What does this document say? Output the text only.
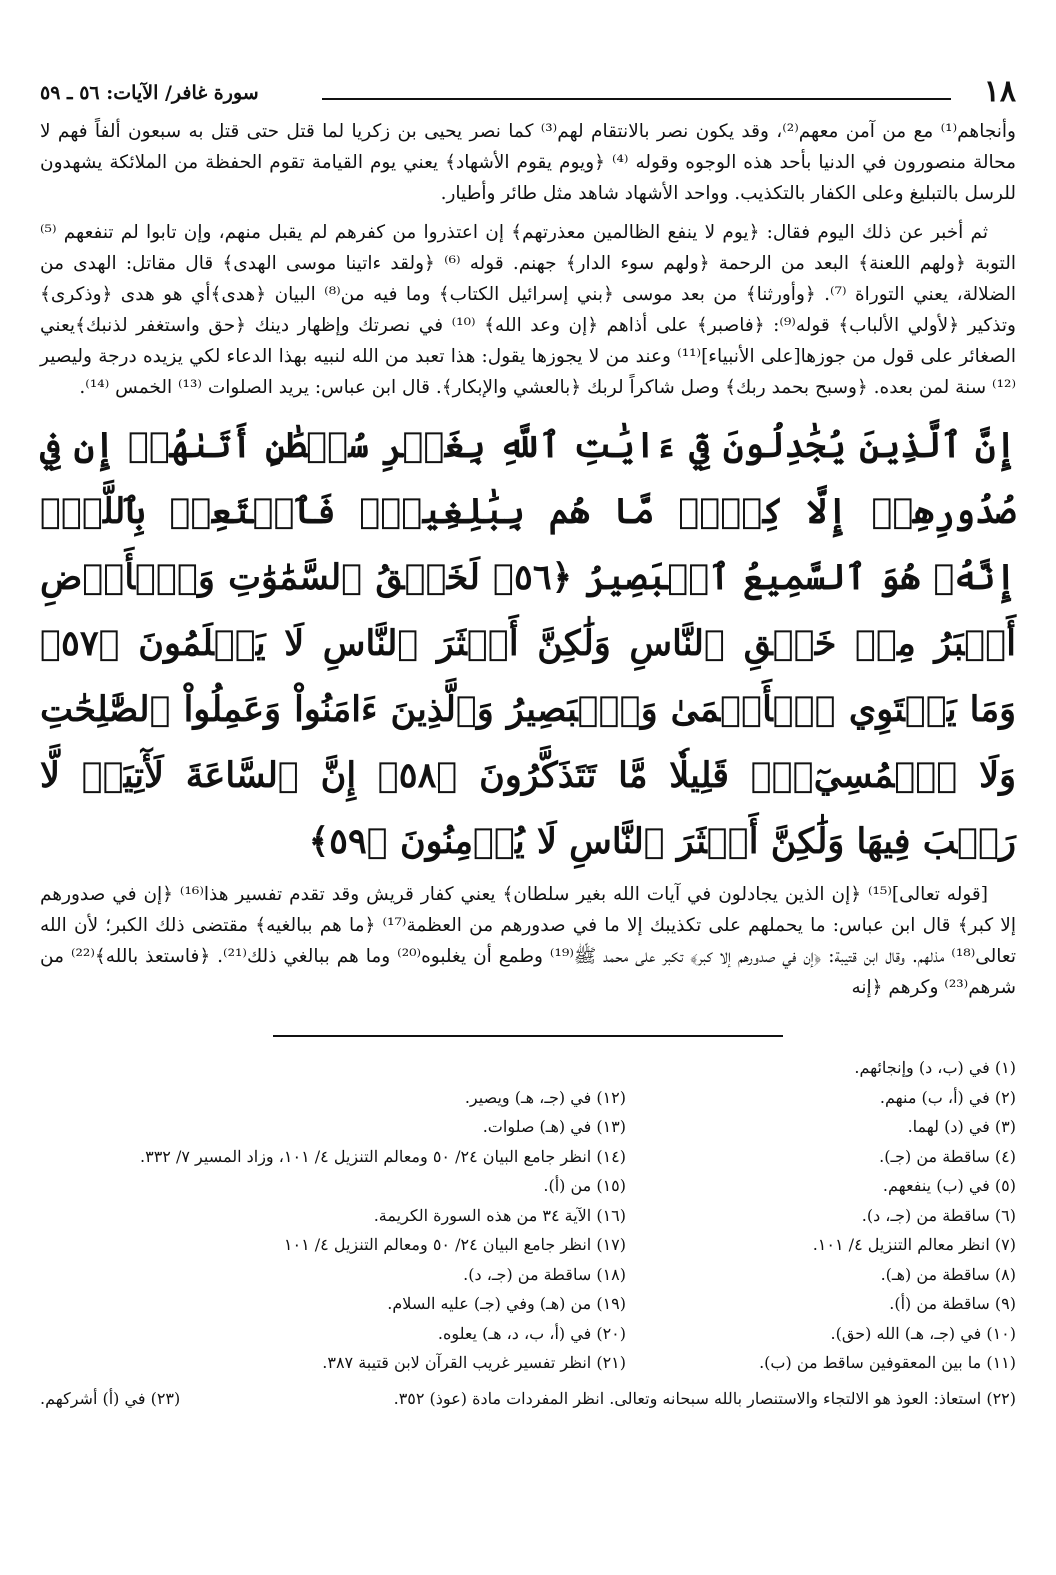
١٨
سورة غافر/ الآيات: ٥٦ ـ ٥٩

وأنجاهم⁽¹⁾ مع من آمن معهم⁽²⁾، وقد يكون نصر بالانتقام لهم⁽³⁾ كما نصر يحيى بن زكريا لما قتل حتى قتل به سبعون ألفاً فهم لا محالة منصورون في الدنيا بأحد هذه الوجوه وقوله ⁽⁴⁾ ﴿ويوم يقوم الأشهاد﴾ يعني يوم القيامة تقوم الحفظة من الملائكة يشهدون للرسل بالتبليغ وعلى الكفار بالتكذيب. وواحد الأشهاد شاهد مثل طائر وأطيار.

ثم أخبر عن ذلك اليوم فقال: ﴿يوم لا ينفع الظالمين معذرتهم﴾ إن اعتذروا من كفرهم لم يقبل منهم، وإن تابوا لم تنفعهم ⁽⁵⁾ التوبة ﴿ولهم اللعنة﴾ البعد من الرحمة ﴿ولهم سوء الدار﴾ جهنم. قوله ⁽⁶⁾ ﴿ولقد ءاتينا موسى الهدى﴾ قال مقاتل: الهدى من الضلالة، يعني التوراة ⁽⁷⁾. ﴿وأورثنا﴾ من بعد موسى ﴿بني إسرائيل الكتاب﴾ وما فيه من⁽⁸⁾ البيان ﴿هدى﴾أي هو هدى ﴿وذكرى﴾ وتذكير ﴿لأولي الألباب﴾ قوله⁽⁹⁾: ﴿فاصبر﴾ على أذاهم ﴿إن وعد الله﴾ ⁽¹⁰⁾ في نصرتك وإظهار دينك ﴿حق واستغفر لذنبك﴾يعني الصغائر على قول من جوزها[على الأنبياء]⁽¹¹⁾ وعند من لا يجوزها يقول: هذا تعبد من الله لنبيه بهذا الدعاء لكي يزيده درجة وليصير ⁽¹²⁾ سنة لمن بعده. ﴿وسبح بحمد ربك﴾ وصل شاكراً لربك ﴿بالعشي والإبكار﴾. قال ابن عباس: يريد الصلوات ⁽¹³⁾ الخمس ⁽¹⁴⁾.

إِنَّ ٱلَّذِينَ يُجَٰدِلُونَ فِيٓ ءَايَٰتِ ٱللَّهِ بِغَيۡرِ سُلۡطَٰنٍ أَتَىٰهُمۡ إِن فِي صُدُورِهِمۡ إِلَّا كِبۡرٞ مَّا هُم بِبَٰلِغِيهِۚ فَٱسۡتَعِذۡ بِٱللَّهِۖ إِنَّهُۥ هُوَ ٱلسَّمِيعُ ٱلۡبَصِيرُ ﴿٥٦﴾ لَخَلۡقُ ٱلسَّمَٰوَٰتِ وَٱلۡأَرۡضِ أَكۡبَرُ مِنۡ خَلۡقِ ٱلنَّاسِ وَلَٰكِنَّ أَكۡثَرَ ٱلنَّاسِ لَا يَعۡلَمُونَ ﴿٥٧﴾ وَمَا يَسۡتَوِي ٱلۡأَعۡمَىٰ وَٱلۡبَصِيرُ وَٱلَّذِينَ ءَامَنُواْ وَعَمِلُواْ ٱلصَّٰلِحَٰتِ وَلَا ٱلۡمُسِيٓءُۚ قَلِيلٗا مَّا تَتَذَكَّرُونَ ﴿٥٨﴾ إِنَّ ٱلسَّاعَةَ لَأٓتِيَةٞ لَّا رَيۡبَ فِيهَا وَلَٰكِنَّ أَكۡثَرَ ٱلنَّاسِ لَا يُؤۡمِنُونَ ﴿٥٩﴾

[قوله تعالى]⁽¹⁵⁾ ﴿إن الذين يجادلون في آيات الله بغير سلطان﴾ يعني كفار قريش وقد تقدم تفسير هذا⁽¹⁶⁾ ﴿إن في صدورهم إلا كبر﴾ قال ابن عباس: ما يحملهم على تكذيبك إلا ما في صدورهم من العظمة⁽¹⁷⁾ ﴿ما هم ببالغيه﴾ مقتضى ذلك الكبر؛ لأن الله تعالى⁽¹⁸⁾ مذلهم. وقال ابن قتيبة: ﴿إن في صدورهم إلا كبر﴾ تكبر على محمد ﷺ⁽¹⁹⁾ وطمع أن يغلبوه⁽²⁰⁾ وما هم ببالغي ذلك⁽²¹⁾. ﴿فاستعذ بالله﴾⁽²²⁾ من شرهم⁽²³⁾ وكرهم ﴿إنه

(١) في (ب، د) وإنجائهم.
(٢) في (أ، ب) منهم.
(٣) في (د) لهما.
(٤) ساقطة من (جـ).
(٥) في (ب) ينفعهم.
(٦) ساقطة من (جـ، د).
(٧) انظر معالم التنزيل ٤/ ١٠١.
(٨) ساقطة من (هـ).
(٩) ساقطة من (أ).
(١٠) في (جـ، هـ) الله (حق).
(١١) ما بين المعقوفين ساقط من (ب).
(١٢) في (جـ، هـ) ويصير.
(١٣) في (هـ) صلوات.
(١٤) انظر جامع البيان ٢٤/ ٥٠ ومعالم التنزيل ٤/ ١٠١، وزاد المسير ٧/ ٣٣٢.
(١٥) من (أ).
(١٦) الآية ٣٤ من هذه السورة الكريمة.
(١٧) انظر جامع البيان ٢٤/ ٥٠ ومعالم التنزيل ٤/ ١٠١
(١٨) ساقطة من (جـ، د).
(١٩) من (هـ) وفي (جـ) عليه السلام.
(٢٠) في (أ، ب، د، هـ) يعلوه.
(٢١) انظر تفسير غريب القرآن لابن قتيبة ٣٨٧.
(٢٢) استعاذ: العوذ هو الالتجاء والاستنصار بالله سبحانه وتعالى. انظر المفردات مادة (عوذ) ٣٥٢.
(٢٣) في (أ) أشركهم.
